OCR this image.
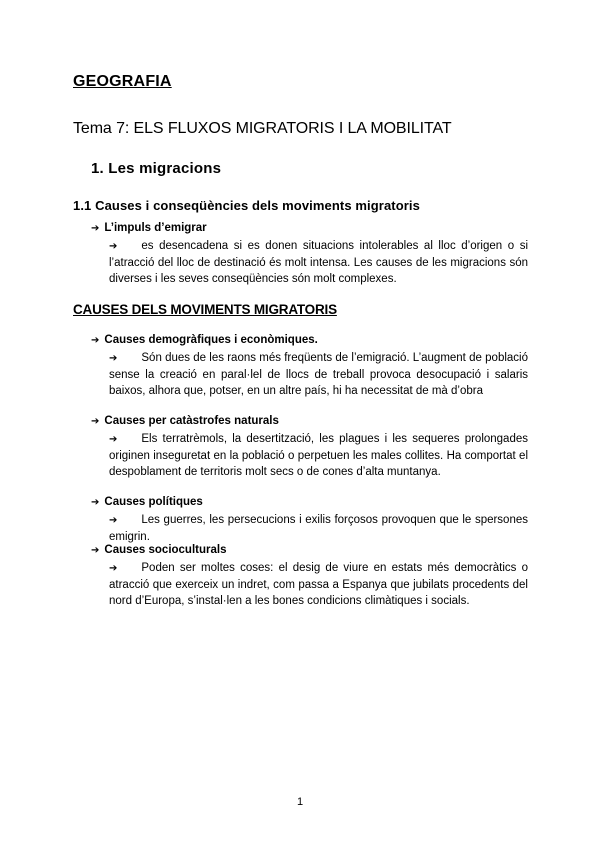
GEOGRAFIA
Tema 7: ELS FLUXOS MIGRATORIS I LA MOBILITAT
1. Les migracions
1.1 Causes i conseqüències dels moviments migratoris
➔ L’impuls d’emigrar

➔ es desencadena si es donen situacions intolerables al lloc d’origen o si l’atracció del lloc de destinació és molt intensa. Les causes de les migracions són diverses i les seves conseqüències són molt complexes.

CAUSES DELS MOVIMENTS MIGRATORIS
➔ Causes demogràfiques i econòmiques.

➔ Són dues de les raons més freqüents de l’emigració. L’augment de població sense la creació en paral·lel de llocs de treball provoca desocupació i salaris baixos, alhora que, potser, en un altre país, hi ha necessitat de mà d’obra

➔ Causes per catàstrofes naturals

➔ Els terratrèmols, la desertització, les plagues i les sequeres prolongades originen inseguretat en la població o perpetuen les males collites. Ha comportat el despoblament de territoris molt secs o de cones d’alta muntanya.

➔ Causes polítiques

➔ Les guerres, les persecucions i exilis forçosos provoquen que le spersones emigrin.

➔ Causes socioculturals

➔ Poden ser moltes coses: el desig de viure en estats més democràtics o atracció que exerceix un indret, com passa a Espanya que jubilats procedents del nord d’Europa, s’instal·len a les bones condicions climàtiques i socials.

1
